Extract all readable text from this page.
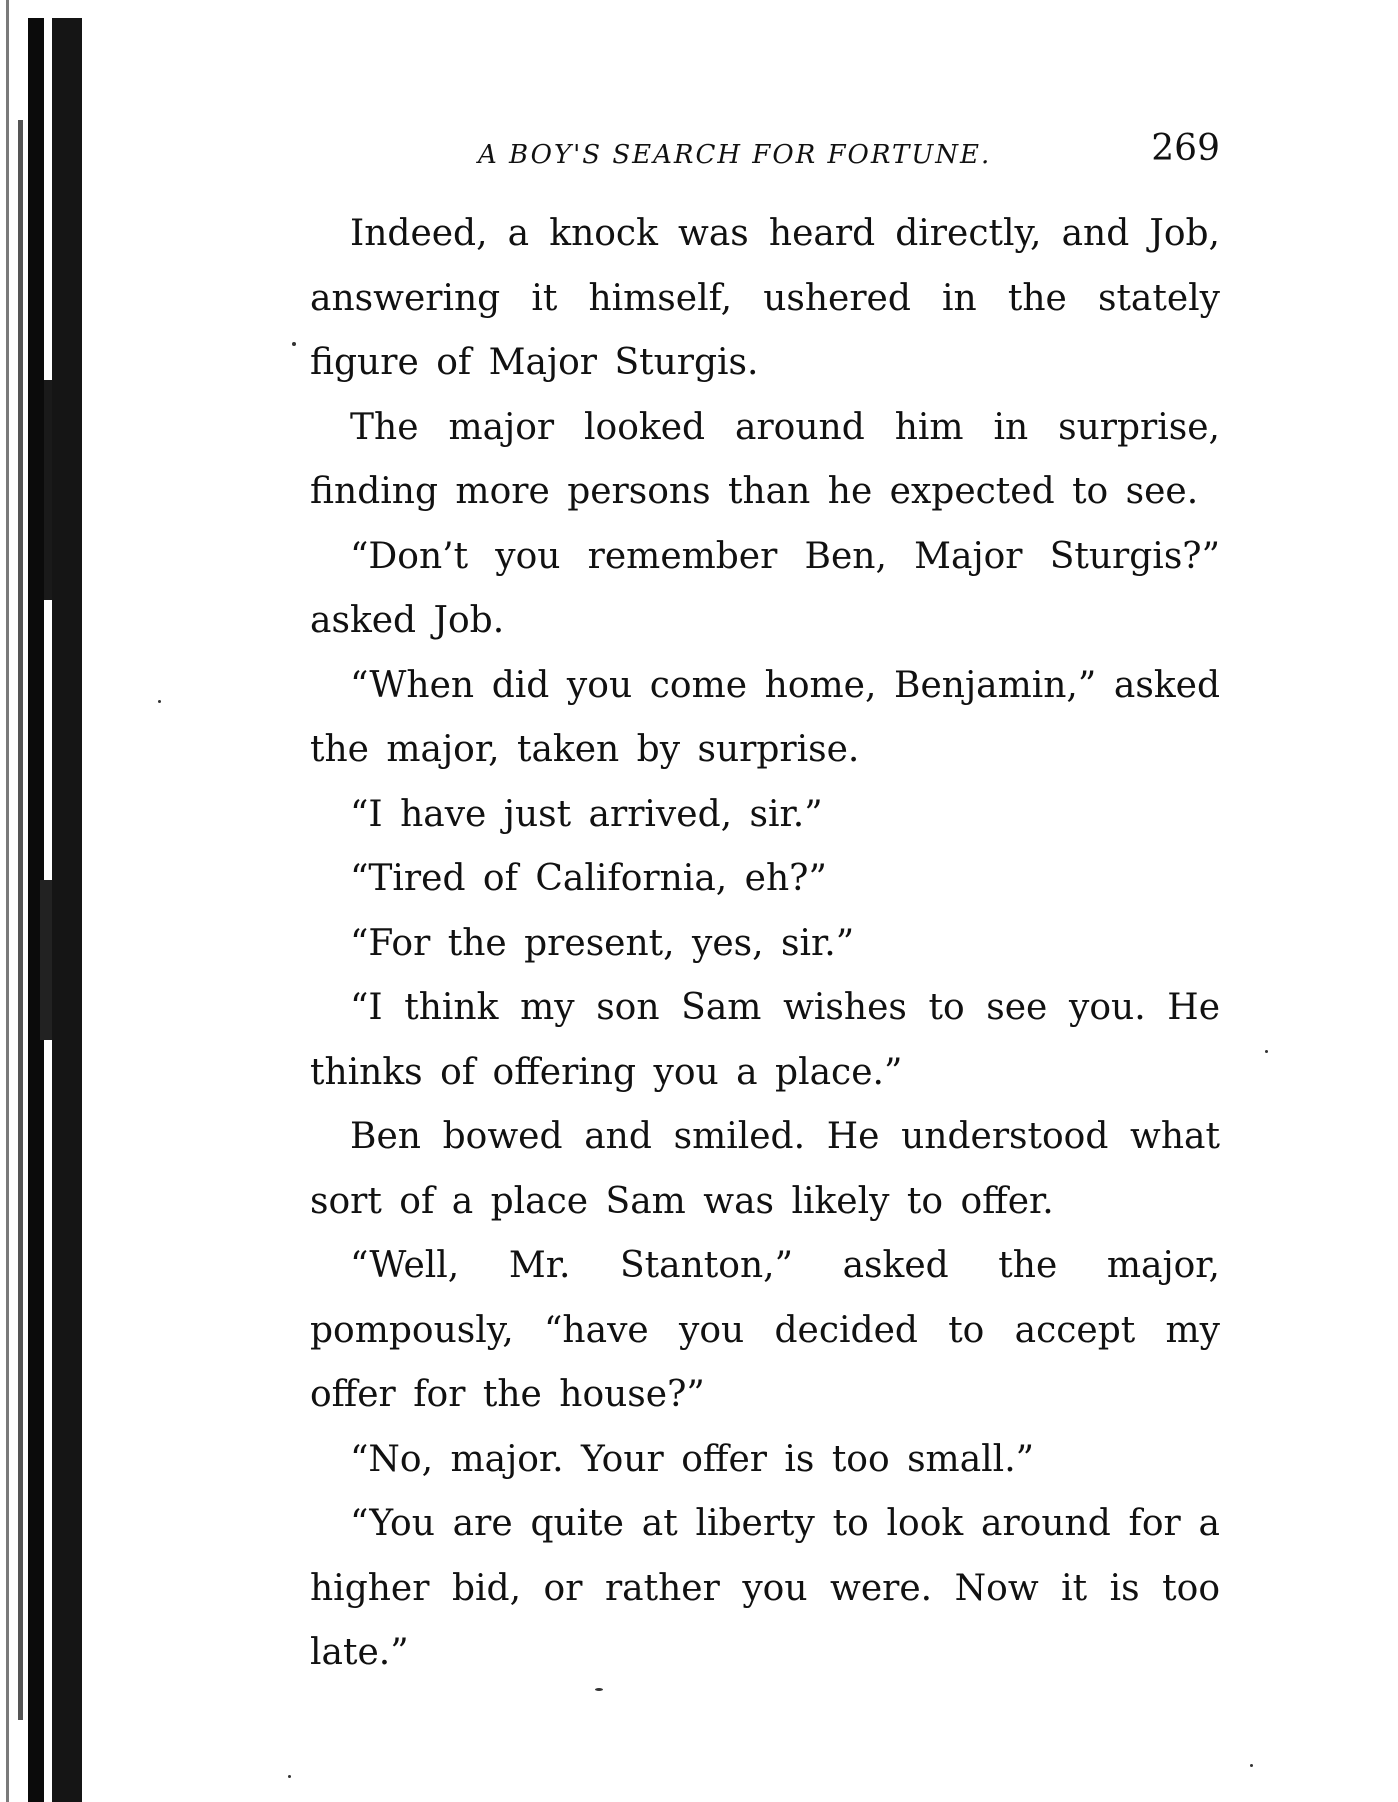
A BOY'S SEARCH FOR FORTUNE.	269

Indeed, a knock was heard directly, and Job, answering it himself, ushered in the stately figure of Major Sturgis.

The major looked around him in surprise, finding more persons than he expected to see.

“Don’t you remember Ben, Major Sturgis?” asked Job.

“When did you come home, Benjamin,” asked the major, taken by surprise.

“I have just arrived, sir.”

“Tired of California, eh?”

“For the present, yes, sir.”

“I think my son Sam wishes to see you. He thinks of offering you a place.”

Ben bowed and smiled. He understood what sort of a place Sam was likely to offer.

“Well, Mr. Stanton,” asked the major, pompously, “have you decided to accept my offer for the house?”

“No, major. Your offer is too small.”

“You are quite at liberty to look around for a higher bid, or rather you were. Now it is too late.”
